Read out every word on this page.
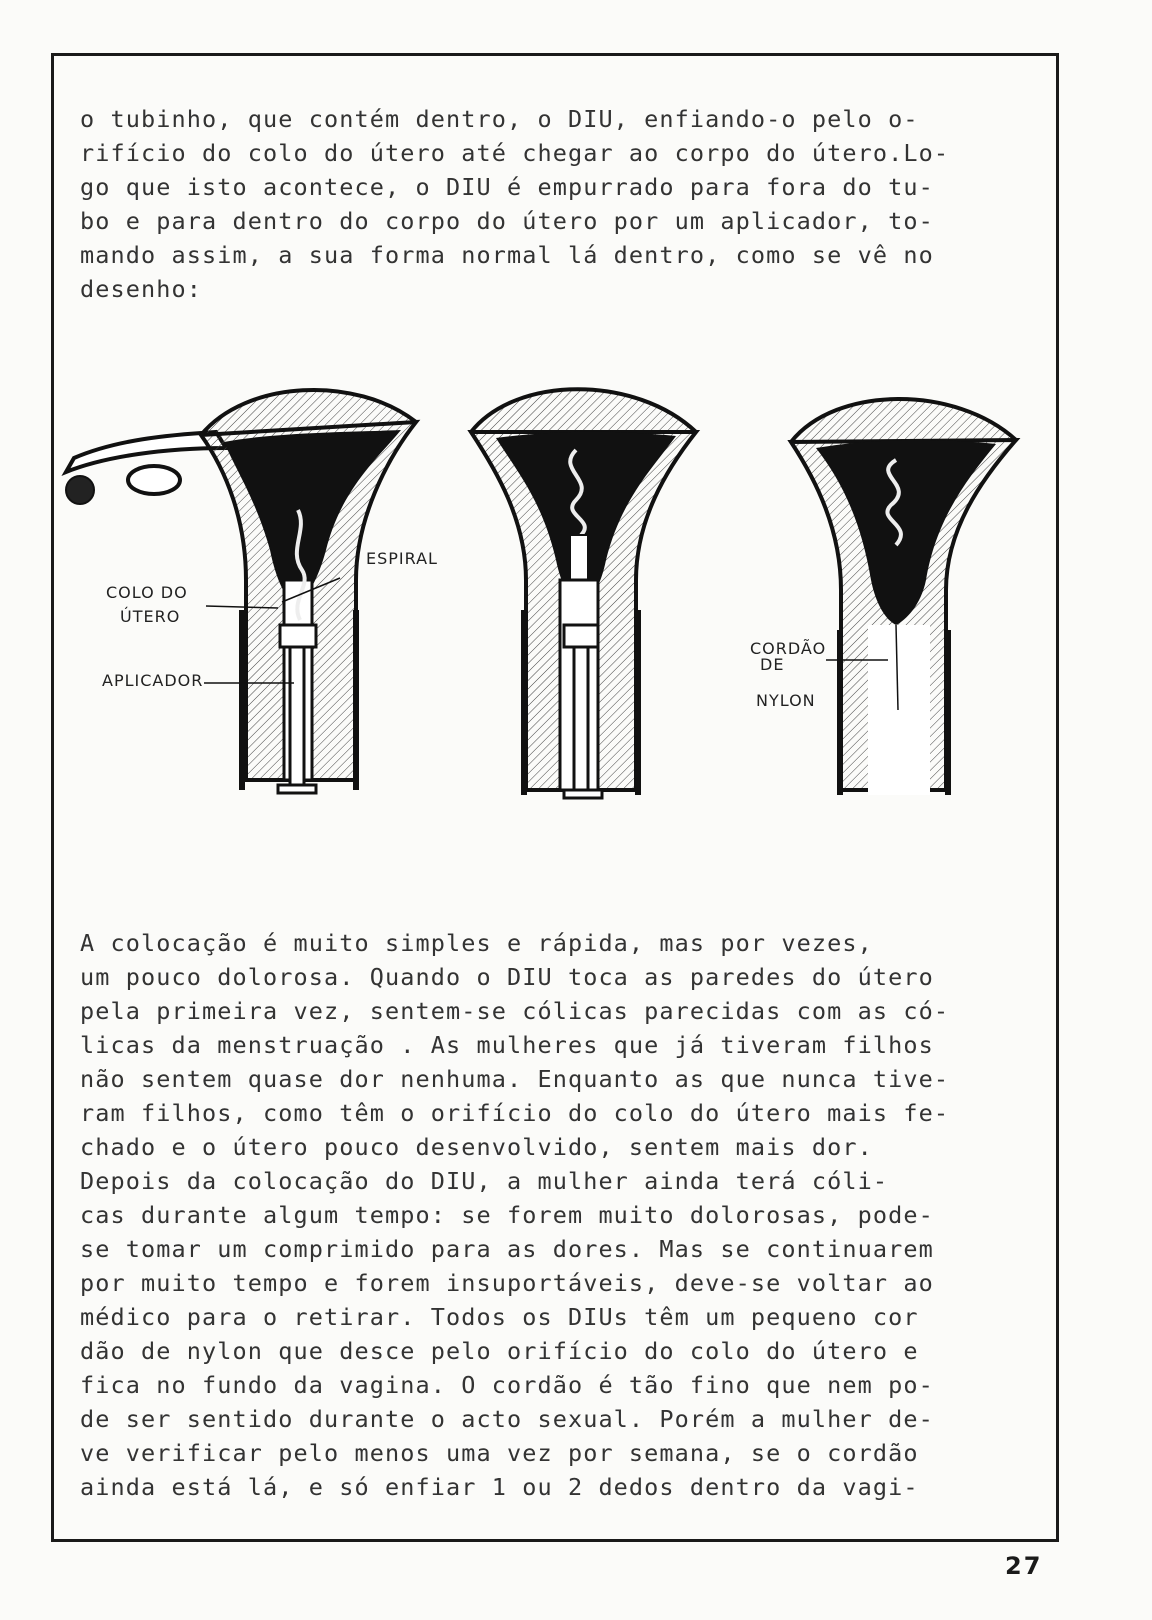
o tubinho, que contém dentro, o DIU, enfiando-o pelo o-
rifício do colo do útero até chegar ao corpo do útero.Lo-
go que isto acontece, o DIU é empurrado para fora do tu-
bo e para dentro do corpo do útero por um aplicador, to-
mando assim, a sua forma normal lá dentro, como se vê no
desenho:

ESPIRAL
COLO DO
ÚTERO
APLICADOR
CORDÃO
DE
NYLON

A colocação é muito simples e rápida, mas por vezes,
um pouco dolorosa. Quando o DIU toca as paredes do útero
pela primeira vez, sentem-se cólicas parecidas com as có-
licas da menstruação . As mulheres que já tiveram filhos
não sentem quase dor nenhuma. Enquanto as que nunca tive-
ram filhos, como têm o orifício do colo do útero mais fe-
chado e o útero pouco desenvolvido, sentem mais dor.
Depois da colocação do DIU, a mulher ainda terá cóli-
cas durante algum tempo: se forem muito dolorosas, pode-
se tomar um comprimido para as dores. Mas se continuarem
por muito tempo e forem insuportáveis, deve-se voltar ao
médico para o retirar. Todos os DIUs têm um pequeno cor
dão de nylon que desce pelo orifício do colo do útero e
fica no fundo da vagina. O cordão é tão fino que nem po-
de ser sentido durante o acto sexual. Porém a mulher de-
ve verificar pelo menos uma vez por semana, se o cordão
ainda está lá, e só enfiar 1 ou 2 dedos dentro da vagi-

27
